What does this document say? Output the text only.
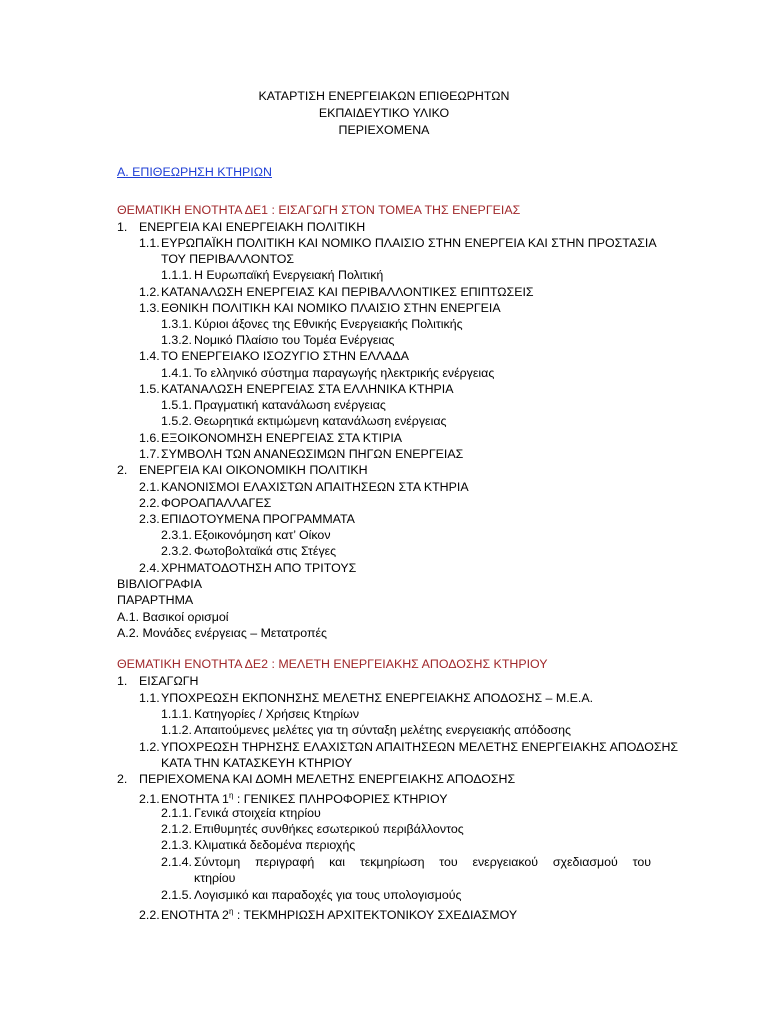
ΚΑΤΑΡΤΙΣΗ ΕΝΕΡΓΕΙΑΚΩΝ ΕΠΙΘΕΩΡΗΤΩΝ
ΕΚΠΑΙΔΕΥΤΙΚΟ ΥΛΙΚΟ
ΠΕΡΙΕΧΟΜΕΝΑ
Α. ΕΠΙΘΕΩΡΗΣΗ ΚΤΗΡΙΩΝ
ΘΕΜΑΤΙΚΗ ΕΝΟΤΗΤΑ ΔΕ1 : ΕΙΣΑΓΩΓΗ ΣΤΟΝ ΤΟΜΕΑ ΤΗΣ ΕΝΕΡΓΕΙΑΣ
1. ΕΝΕΡΓΕΙΑ ΚΑΙ ΕΝΕΡΓΕΙΑΚΗ ΠΟΛΙΤΙΚΗ
1.1.ΕΥΡΩΠΑΪΚΗ ΠΟΛΙΤΙΚΗ ΚΑΙ ΝΟΜΙΚΟ ΠΛΑΙΣΙΟ ΣΤΗΝ ΕΝΕΡΓΕΙΑ ΚΑΙ ΣΤΗΝ ΠΡΟΣΤΑΣΙΑ
ΤΟΥ ΠΕΡΙΒΑΛΛΟΝΤΟΣ
1.1.1. Η Ευρωπαϊκή Ενεργειακή Πολιτική
1.2.ΚΑΤΑΝΑΛΩΣΗ ΕΝΕΡΓΕΙΑΣ ΚΑΙ ΠΕΡΙΒΑΛΛΟΝΤΙΚΕΣ ΕΠΙΠΤΩΣΕΙΣ
1.3.ΕΘΝΙΚΗ ΠΟΛΙΤΙΚΗ ΚΑΙ ΝΟΜΙΚΟ ΠΛΑΙΣΙΟ ΣΤΗΝ ΕΝΕΡΓΕΙΑ
1.3.1. Κύριοι άξονες της Εθνικής Ενεργειακής Πολιτικής
1.3.2. Νομικό Πλαίσιο του Τομέα Ενέργειας
1.4.ΤΟ ΕΝΕΡΓΕΙΑΚΟ ΙΣΟΖΥΓΙΟ ΣΤΗΝ ΕΛΛΑΔΑ
1.4.1. Το ελληνικό σύστημα παραγωγής ηλεκτρικής ενέργειας
1.5.ΚΑΤΑΝΑΛΩΣΗ ΕΝΕΡΓΕΙΑΣ ΣΤΑ ΕΛΛΗΝΙΚΑ ΚΤΗΡΙΑ
1.5.1. Πραγματική κατανάλωση ενέργειας
1.5.2. Θεωρητικά εκτιμώμενη κατανάλωση ενέργειας
1.6.ΕΞΟΙΚΟΝΟΜΗΣΗ ΕΝΕΡΓΕΙΑΣ ΣΤΑ ΚΤΙΡΙΑ
1.7.ΣΥΜΒΟΛΗ ΤΩΝ ΑΝΑΝΕΩΣΙΜΩΝ ΠΗΓΩΝ ΕΝΕΡΓΕΙΑΣ
2. ΕΝΕΡΓΕΙΑ ΚΑΙ ΟΙΚΟΝΟΜΙΚΗ ΠΟΛΙΤΙΚΗ
2.1.ΚΑΝΟΝΙΣΜΟΙ ΕΛΑΧΙΣΤΩΝ ΑΠΑΙΤΗΣΕΩΝ ΣΤΑ ΚΤΗΡΙΑ
2.2.ΦΟΡΟΑΠΑΛΛΑΓΕΣ
2.3.ΕΠΙΔΟΤΟΥΜΕΝΑ ΠΡΟΓΡΑΜΜΑΤΑ
2.3.1. Εξοικονόμηση κατ’ Οίκον
2.3.2. Φωτοβολταϊκά στις Στέγες
2.4.ΧΡΗΜΑΤΟΔΟΤΗΣΗ ΑΠΟ ΤΡΙΤΟΥΣ
ΒΙΒΛΙΟΓΡΑΦΙΑ
ΠΑΡΑΡΤΗΜΑ
Α.1. Βασικοί ορισμοί
Α.2. Μονάδες ενέργειας – Μετατροπές
ΘΕΜΑΤΙΚΗ ΕΝΟΤΗΤΑ ΔΕ2 : ΜΕΛΕΤΗ ΕΝΕΡΓΕΙΑΚΗΣ ΑΠΟΔΟΣΗΣ ΚΤΗΡΙΟΥ
1. ΕΙΣΑΓΩΓΗ
1.1.ΥΠΟΧΡΕΩΣΗ ΕΚΠΟΝΗΣΗΣ ΜΕΛΕΤΗΣ ΕΝΕΡΓΕΙΑΚΗΣ ΑΠΟΔΟΣΗΣ – Μ.Ε.Α.
1.1.1. Κατηγορίες / Χρήσεις Κτηρίων
1.1.2. Απαιτούμενες μελέτες για τη σύνταξη μελέτης ενεργειακής απόδοσης
1.2.ΥΠΟΧΡΕΩΣΗ ΤΗΡΗΣΗΣ ΕΛΑΧΙΣΤΩΝ ΑΠΑΙΤΗΣΕΩΝ ΜΕΛΕΤΗΣ ΕΝΕΡΓΕΙΑΚΗΣ ΑΠΟΔΟΣΗΣ
ΚΑΤΑ ΤΗΝ ΚΑΤΑΣΚΕΥΗ ΚΤΗΡΙΟΥ
2. ΠΕΡΙΕΧΟΜΕΝΑ ΚΑΙ ΔΟΜΗ ΜΕΛΕΤΗΣ ΕΝΕΡΓΕΙΑΚΗΣ ΑΠΟΔΟΣΗΣ
2.1.ΕΝΟΤΗΤΑ $1^\eta$ : ΓΕΝΙΚΕΣ ΠΛΗΡΟΦΟΡΙΕΣ ΚΤΗΡΙΟΥ
2.1.1. Γενικά στοιχεία κτηρίου
2.1.2. Επιθυμητές συνθήκες εσωτερικού περιβάλλοντος
2.1.3. Κλιματικά δεδομένα περιοχής
2.1.4. Σύντομη περιγραφή και τεκμηρίωση του ενεργειακού σχεδιασμού του
κτηρίου
2.1.5. Λογισμικό και παραδοχές για τους υπολογισμούς
2.2.ΕΝΟΤΗΤΑ $2^\eta$ : ΤΕΚΜΗΡΙΩΣΗ ΑΡΧΙΤΕΚΤΟΝΙΚΟΥ ΣΧΕΔΙΑΣΜΟΥ
